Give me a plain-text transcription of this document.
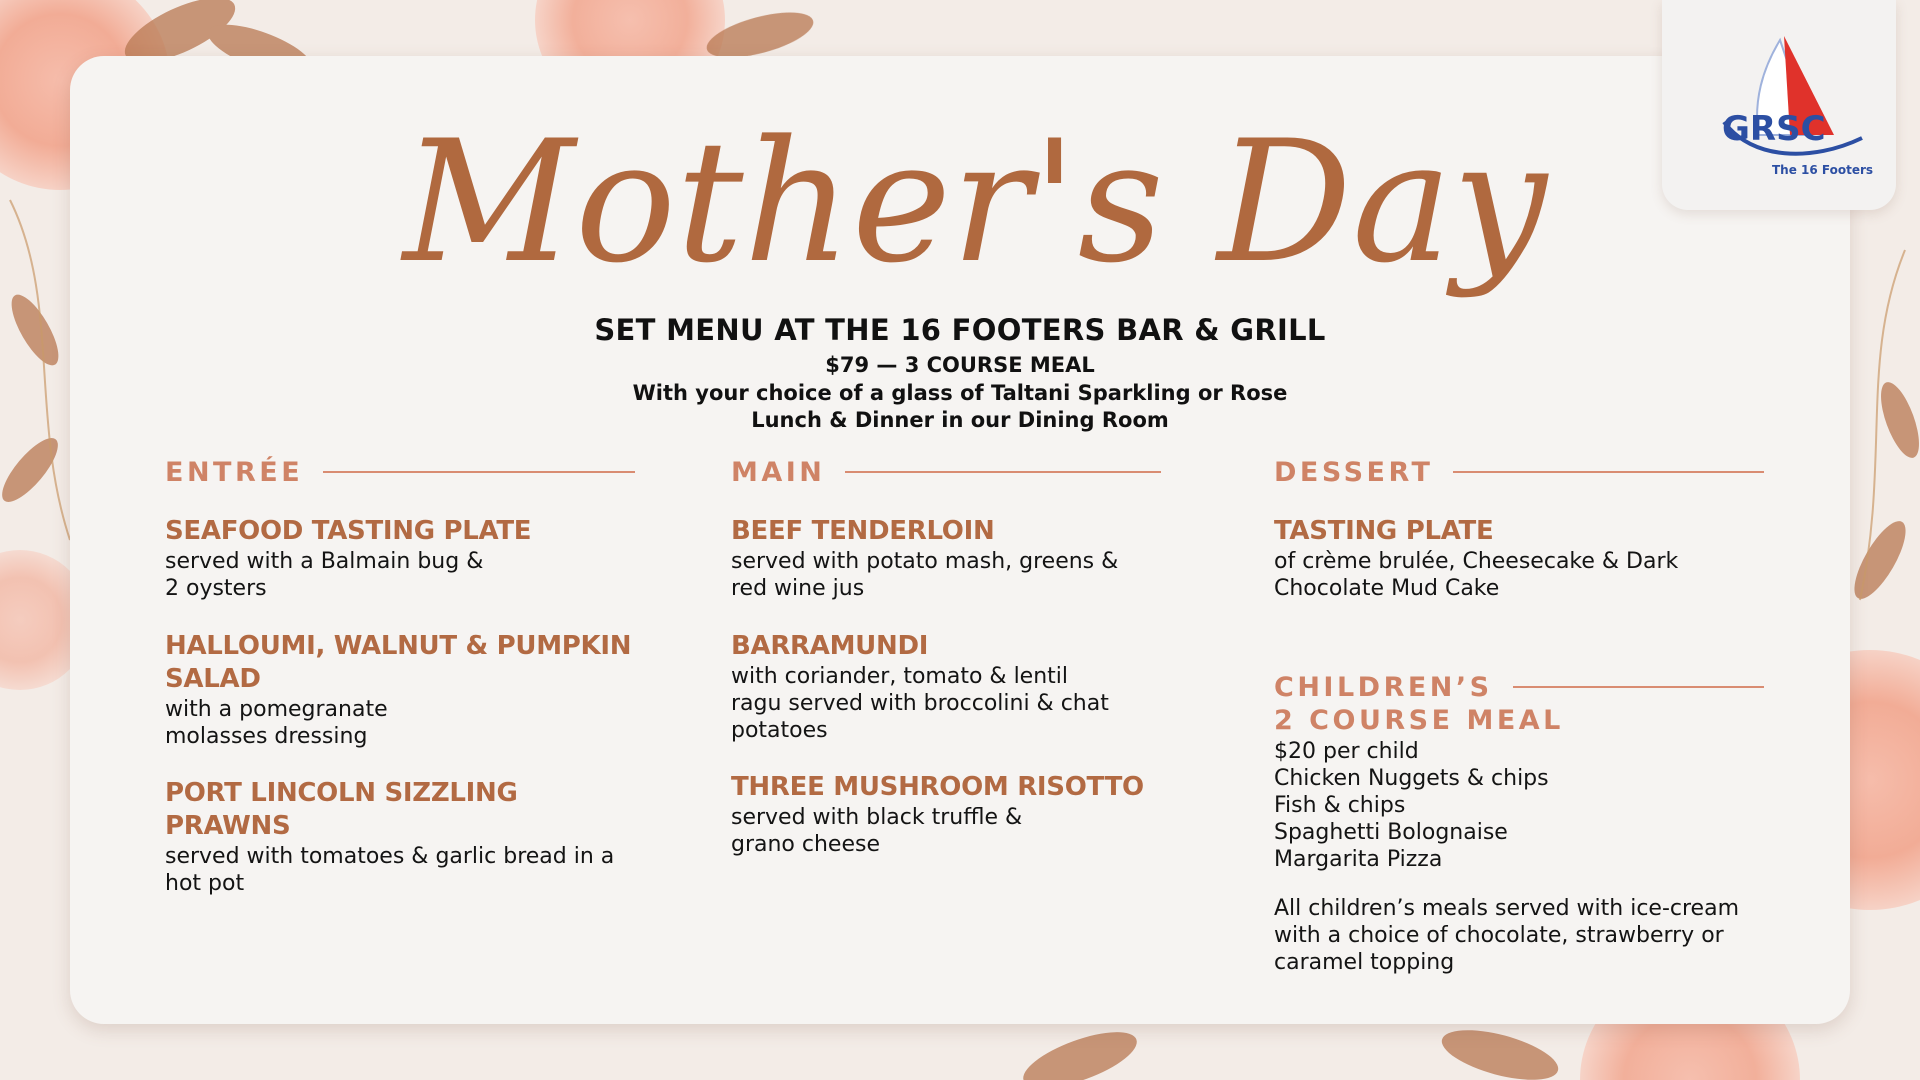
GRSC
The 16 Footers
Mother's Day
SET MENU AT THE 16 FOOTERS BAR & GRILL
$79 — 3 COURSE MEAL
With your choice of a glass of Taltani Sparkling or Rose
Lunch & Dinner in our Dining Room
ENTRÉE
SEAFOOD TASTING PLATE
served with a Balmain bug &
2 oysters
HALLOUMI, WALNUT & PUMPKIN
SALAD
with a pomegranate
molasses dressing
PORT LINCOLN SIZZLING PRAWNS
served with tomatoes & garlic bread in a
hot pot
MAIN
BEEF TENDERLOIN
served with potato mash, greens &
red wine jus
BARRAMUNDI
with coriander, tomato & lentil
ragu served with broccolini & chat
potatoes
THREE MUSHROOM RISOTTO
served with black truffle &
grano cheese
DESSERT
TASTING PLATE
of crème brulée, Cheesecake & Dark
Chocolate Mud Cake
CHILDREN’S
2 COURSE MEAL
$20 per child
Chicken Nuggets & chips
Fish & chips
Spaghetti Bolognaise
Margarita Pizza
All children’s meals served with ice-cream
with a choice of chocolate, strawberry or
caramel topping
